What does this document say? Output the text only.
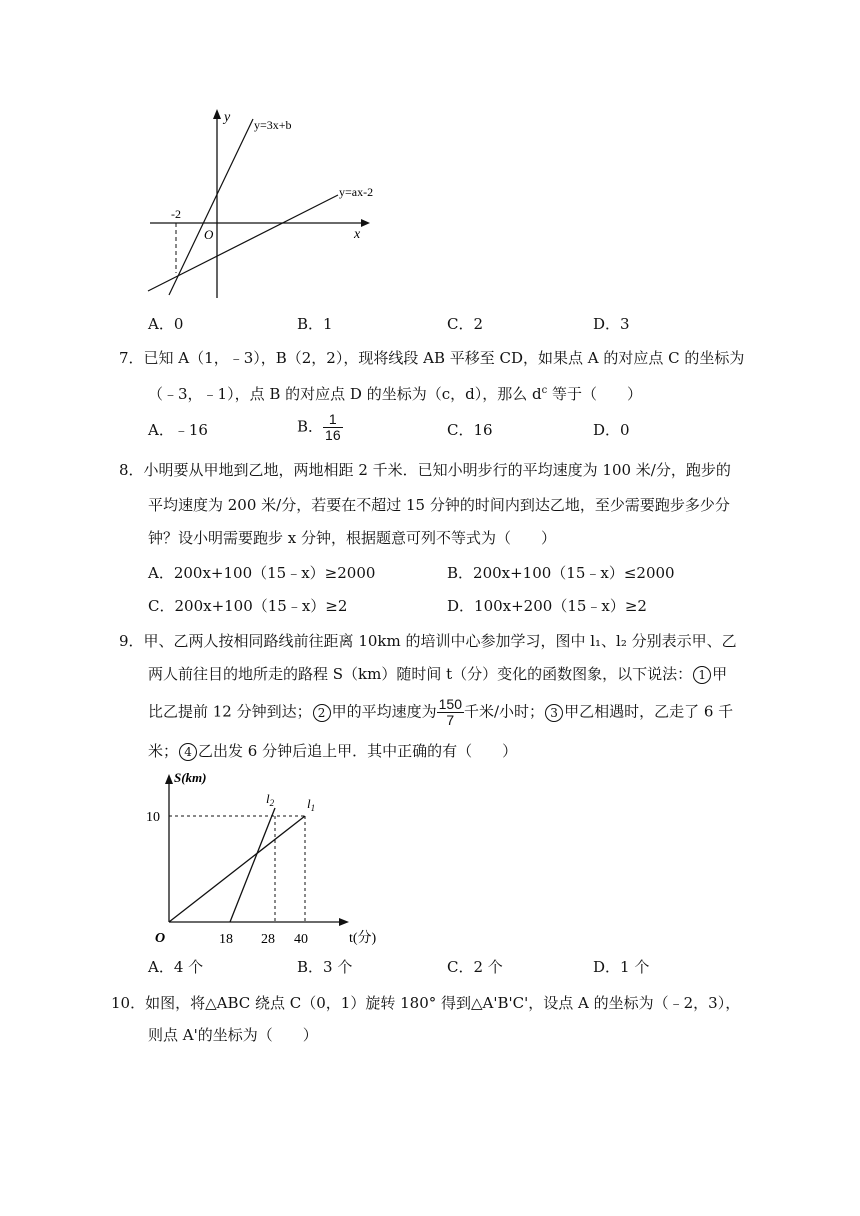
y
x
O
-2
y=3x+b
y=ax-2
A．0	B．1	C．2	D．3
7．已知 A（1，﹣3），B（2，2），现将线段 AB 平移至 CD，如果点 A 的对应点 C 的坐标为
（﹣3，﹣1），点 B 的对应点 D 的坐标为（c，d），那么 $d^c$ 等于（　　）
A．﹣16	B． $\frac{1}{16}$	C．16	D．0
8．小明要从甲地到乙地，两地相距 2 千米．已知小明步行的平均速度为 100 米/分，跑步的
平均速度为 200 米/分，若要在不超过 15 分钟的时间内到达乙地，至少需要跑步多少分
钟？设小明需要跑步 x 分钟，根据题意可列不等式为（　　）
A．200x+100（15﹣x）≥2000	B．200x+100（15﹣x）≤2000
C．200x+100（15﹣x）≥2	D．100x+200（15﹣x）≥2
9．甲、乙两人按相同路线前往距离 10km 的培训中心参加学习，图中 l₁、l₂ 分别表示甲、乙
两人前往目的地所走的路程 S（km）随时间 t（分）变化的函数图象，以下说法： 1 甲
比乙提前 12 分钟到达； 2 甲的平均速度为 $\frac{150}{7}$ 千米/小时； 3 甲乙相遇时，乙走了 6 千
米； 4 乙出发 6 分钟后追上甲．其中正确的有（　　）
S(km)
t(分)
O
10
18 28 40
$l_2$	$l_1$
A．4 个	B．3 个	C．2 个	D．1 个
10．如图，将△ABC 绕点 C（0，1）旋转 180° 得到△A'B'C'，设点 A 的坐标为（﹣2，3），
则点 A'的坐标为（　　）
